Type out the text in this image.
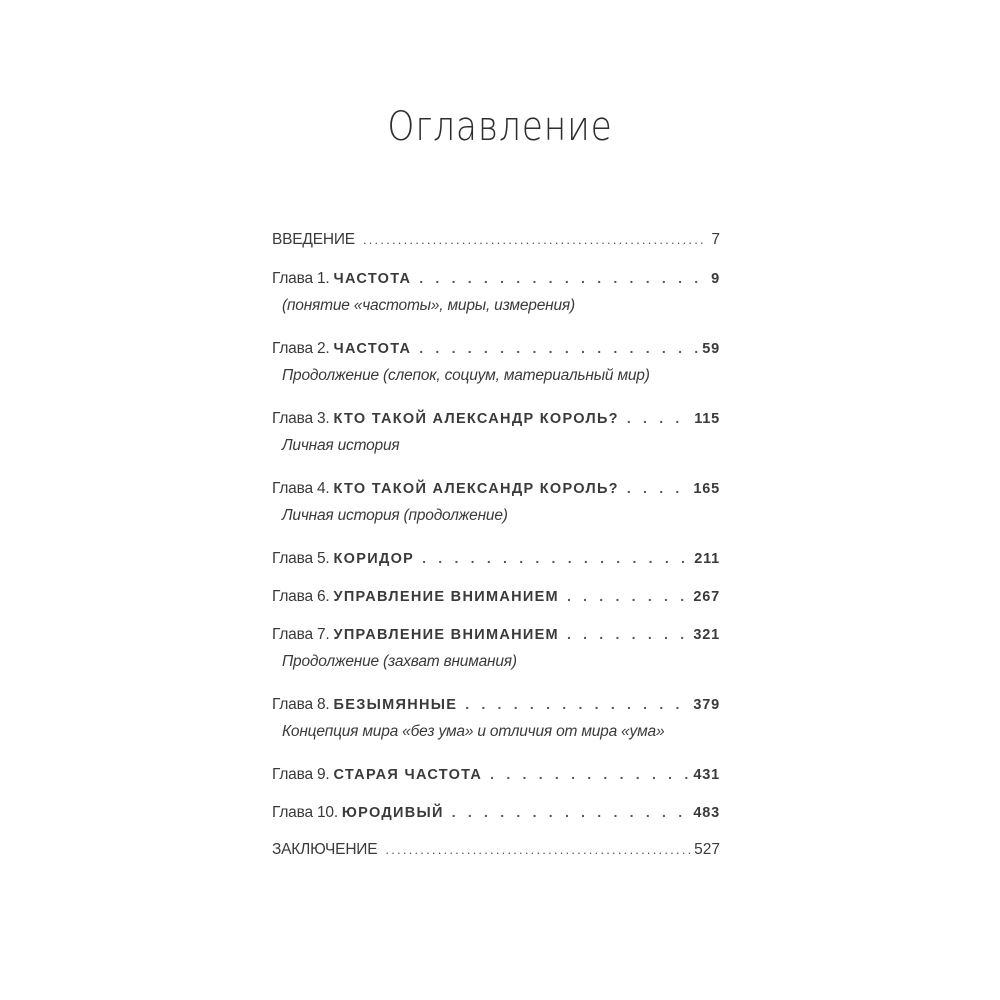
Оглавление
ВВЕДЕНИЕ .....	7
Глава 1. ЧАСТОТА . . .	9
(понятие «частоты», миры, измерения)
Глава 2. ЧАСТОТА . . .	59
Продолжение (слепок, социум, материальный мир)
Глава 3. КТО ТАКОЙ АЛЕКСАНДР КОРОЛЬ? . . .	115
Личная история
Глава 4. КТО ТАКОЙ АЛЕКСАНДР КОРОЛЬ? . . .	165
Личная история (продолжение)
Глава 5. КОРИДОР . . .	211
Глава 6. УПРАВЛЕНИЕ ВНИМАНИЕМ . . .	267
Глава 7. УПРАВЛЕНИЕ ВНИМАНИЕМ . . .	321
Продолжение (захват внимания)
Глава 8. БЕЗЫМЯННЫЕ . . .	379
Концепция мира «без ума» и отличия от мира «ума»
Глава 9. СТАРАЯ ЧАСТОТА . . .	431
Глава 10. ЮРОДИВЫЙ . . .	483
ЗАКЛЮЧЕНИЕ .....	527
